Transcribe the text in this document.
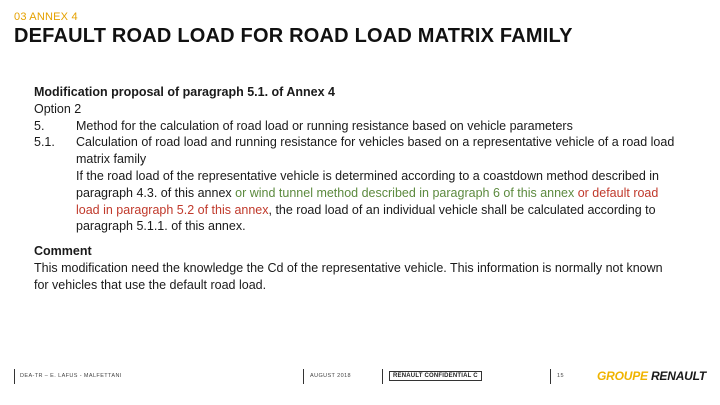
03 ANNEX 4
DEFAULT ROAD LOAD FOR ROAD LOAD MATRIX FAMILY
Modification proposal of paragraph 5.1. of Annex 4
Option 2
5.	Method for the calculation of road load or running resistance based on vehicle parameters
5.1.	Calculation of road load and running resistance for vehicles based on a representative vehicle of a road load matrix family
If the road load of the representative vehicle is determined according to a coastdown method described in paragraph 4.3. of this annex or wind tunnel method described in paragraph 6 of this annex or default road load in paragraph 5.2 of this annex, the road load of an individual vehicle shall be calculated according to paragraph 5.1.1. of this annex.
Comment
This modification need the knowledge the Cd of the representative vehicle. This information is normally not known for vehicles that use the default road load.
DEA-TR – E. LAFUS - MALFETTANI	AUGUST 2018	RENAULT CONFIDENTIAL C	15	GROUPE RENAULT
